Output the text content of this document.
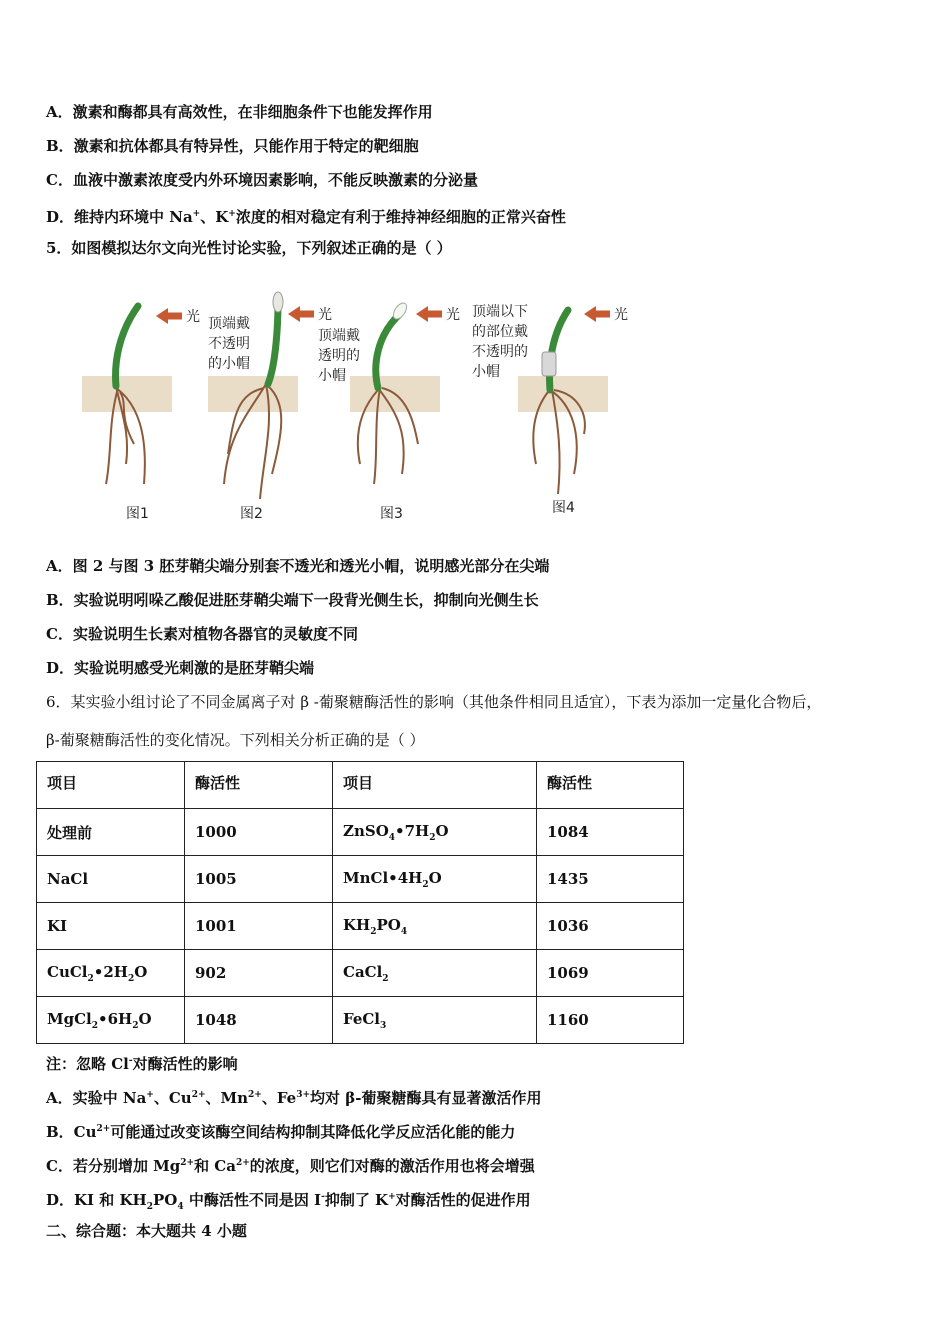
A．激素和酶都具有高效性，在非细胞条件下也能发挥作用
B．激素和抗体都具有特异性，只能作用于特定的靶细胞
C．血液中激素浓度受内外环境因素影响，不能反映激素的分泌量
D．维持内环境中 Na+、K+浓度的相对稳定有利于维持神经细胞的正常兴奋性
5．如图模拟达尔文向光性讨论实验，下列叙述正确的是（ ）
光	光	光	光
顶端戴
不透明
的小帽
顶端戴
透明的
小帽
顶端以下
的部位戴
不透明的
小帽
图1	图2	图3	图4
A．图 2 与图 3 胚芽鞘尖端分别套不透光和透光小帽，说明感光部分在尖端
B．实验说明吲哚乙酸促进胚芽鞘尖端下一段背光侧生长，抑制向光侧生长
C．实验说明生长素对植物各器官的灵敏度不同
D．实验说明感受光刺激的是胚芽鞘尖端
6．某实验小组讨论了不同金属离子对 β -葡聚糖酶活性的影响（其他条件相同且适宜），下表为添加一定量化合物后，
β-葡聚糖酶活性的变化情况。下列相关分析正确的是（ ）
项目	酶活性	项目	酶活性
处理前	1000	$ZnSO_4•7H_2O$	1084
NaCl	1005	$MnCl•4H_2O$	1435
KI	1001	$KH_2PO_4$	1036
$CuCl_2•2H_2O$	902	CaCl$_2$	1069
$MgCl_2•6H_2O$	1048	FeCl$_3$	1160
注：忽略 Cl-对酶活性的影响
A．实验中 Na+、$Cu^{2+}$、$Mn^{2+}$、$Fe^{3+}$均对 β-葡聚糖酶具有显著激活作用
B．$Cu^{2+}$可能通过改变该酶空间结构抑制其降低化学反应活化能的能力
C．若分别增加 $Mg^{2+}$和 $Ca^{2+}$的浓度，则它们对酶的激活作用也将会增强
D．KI 和 $KH_2PO_4$ 中酶活性不同是因 I-抑制了 K+对酶活性的促进作用
二、综合题：本大题共 4 小题
